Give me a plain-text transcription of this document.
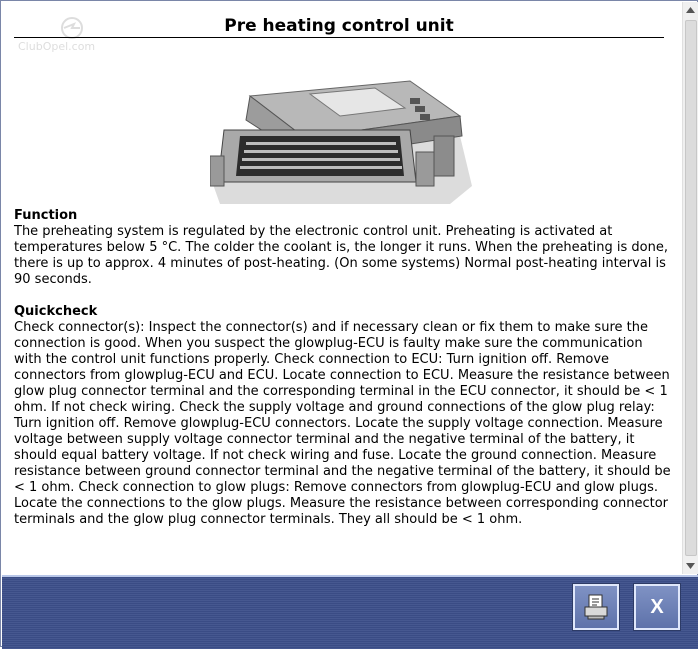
ClubOpel.com
Pre heating control unit
Function
The preheating system is regulated by the electronic control unit. Preheating is activated at temperatures below 5 °C. The colder the coolant is, the longer it runs. When the preheating is done, there is up to approx. 4 minutes of post-heating. (On some systems) Normal post-heating interval is 90 seconds.
Quickcheck
Check connector(s): Inspect the connector(s) and if necessary clean or fix them to make sure the connection is good. When you suspect the glowplug-ECU is faulty make sure the communication with the control unit functions properly. Check connection to ECU: Turn ignition off. Remove connectors from glowplug-ECU and ECU. Locate connection to ECU. Measure the resistance between glow plug connector terminal and the corresponding terminal in the ECU connector, it should be < 1 ohm. If not check wiring. Check the supply voltage and ground connections of the glow plug relay: Turn ignition off. Remove glowplug-ECU connectors. Locate the supply voltage connection. Measure voltage between supply voltage connector terminal and the negative terminal of the battery, it should equal battery voltage. If not check wiring and fuse. Locate the ground connection. Measure resistance between ground connector terminal and the negative terminal of the battery, it should be < 1 ohm. Check connection to glow plugs: Remove connectors from glowplug-ECU and glow plugs. Locate the connections to the glow plugs. Measure the resistance between corresponding connector terminals and the glow plug connector terminals. They all should be < 1 ohm.
X
